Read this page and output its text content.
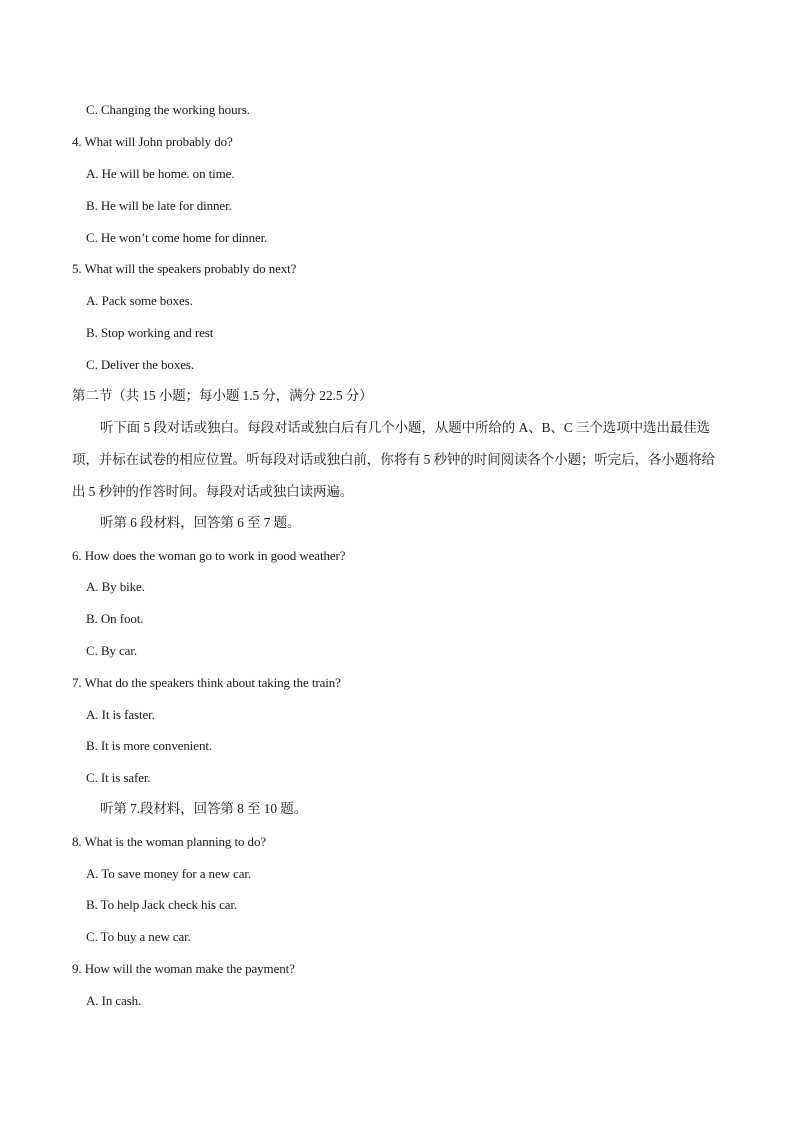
C. Changing the working hours.
4. What will John probably do?
A. He will be home. on time.
B. He will be late for dinner.
C. He won’t come home for dinner.
5. What will the speakers probably do next?
A. Pack some boxes.
B. Stop working and rest
C. Deliver the boxes.
第二节（共 15 小题；每小题 1.5 分，满分 22.5 分）
听下面 5 段对话或独白。每段对话或独白后有几个小题，从题中所给的 A、B、C 三个选项中选出最佳选项，并标在试卷的相应位置。听每段对话或独白前，你将有 5 秒钟的时间阅读各个小题；听完后，各小题将给出 5 秒钟的作答时间。每段对话或独白读两遍。
听第 6 段材料，回答第 6 至 7 题。
6. How does the woman go to work in good weather?
A. By bike.
B. On foot.
C. By car.
7. What do the speakers think about taking the train?
A. It is faster.
B. It is more convenient.
C. It is safer.
听第 7.段材料，回答第 8 至 10 题。
8. What is the woman planning to do?
A. To save money for a new car.
B. To help Jack check his car.
C. To buy a new car.
9. How will the woman make the payment?
A. In cash.
